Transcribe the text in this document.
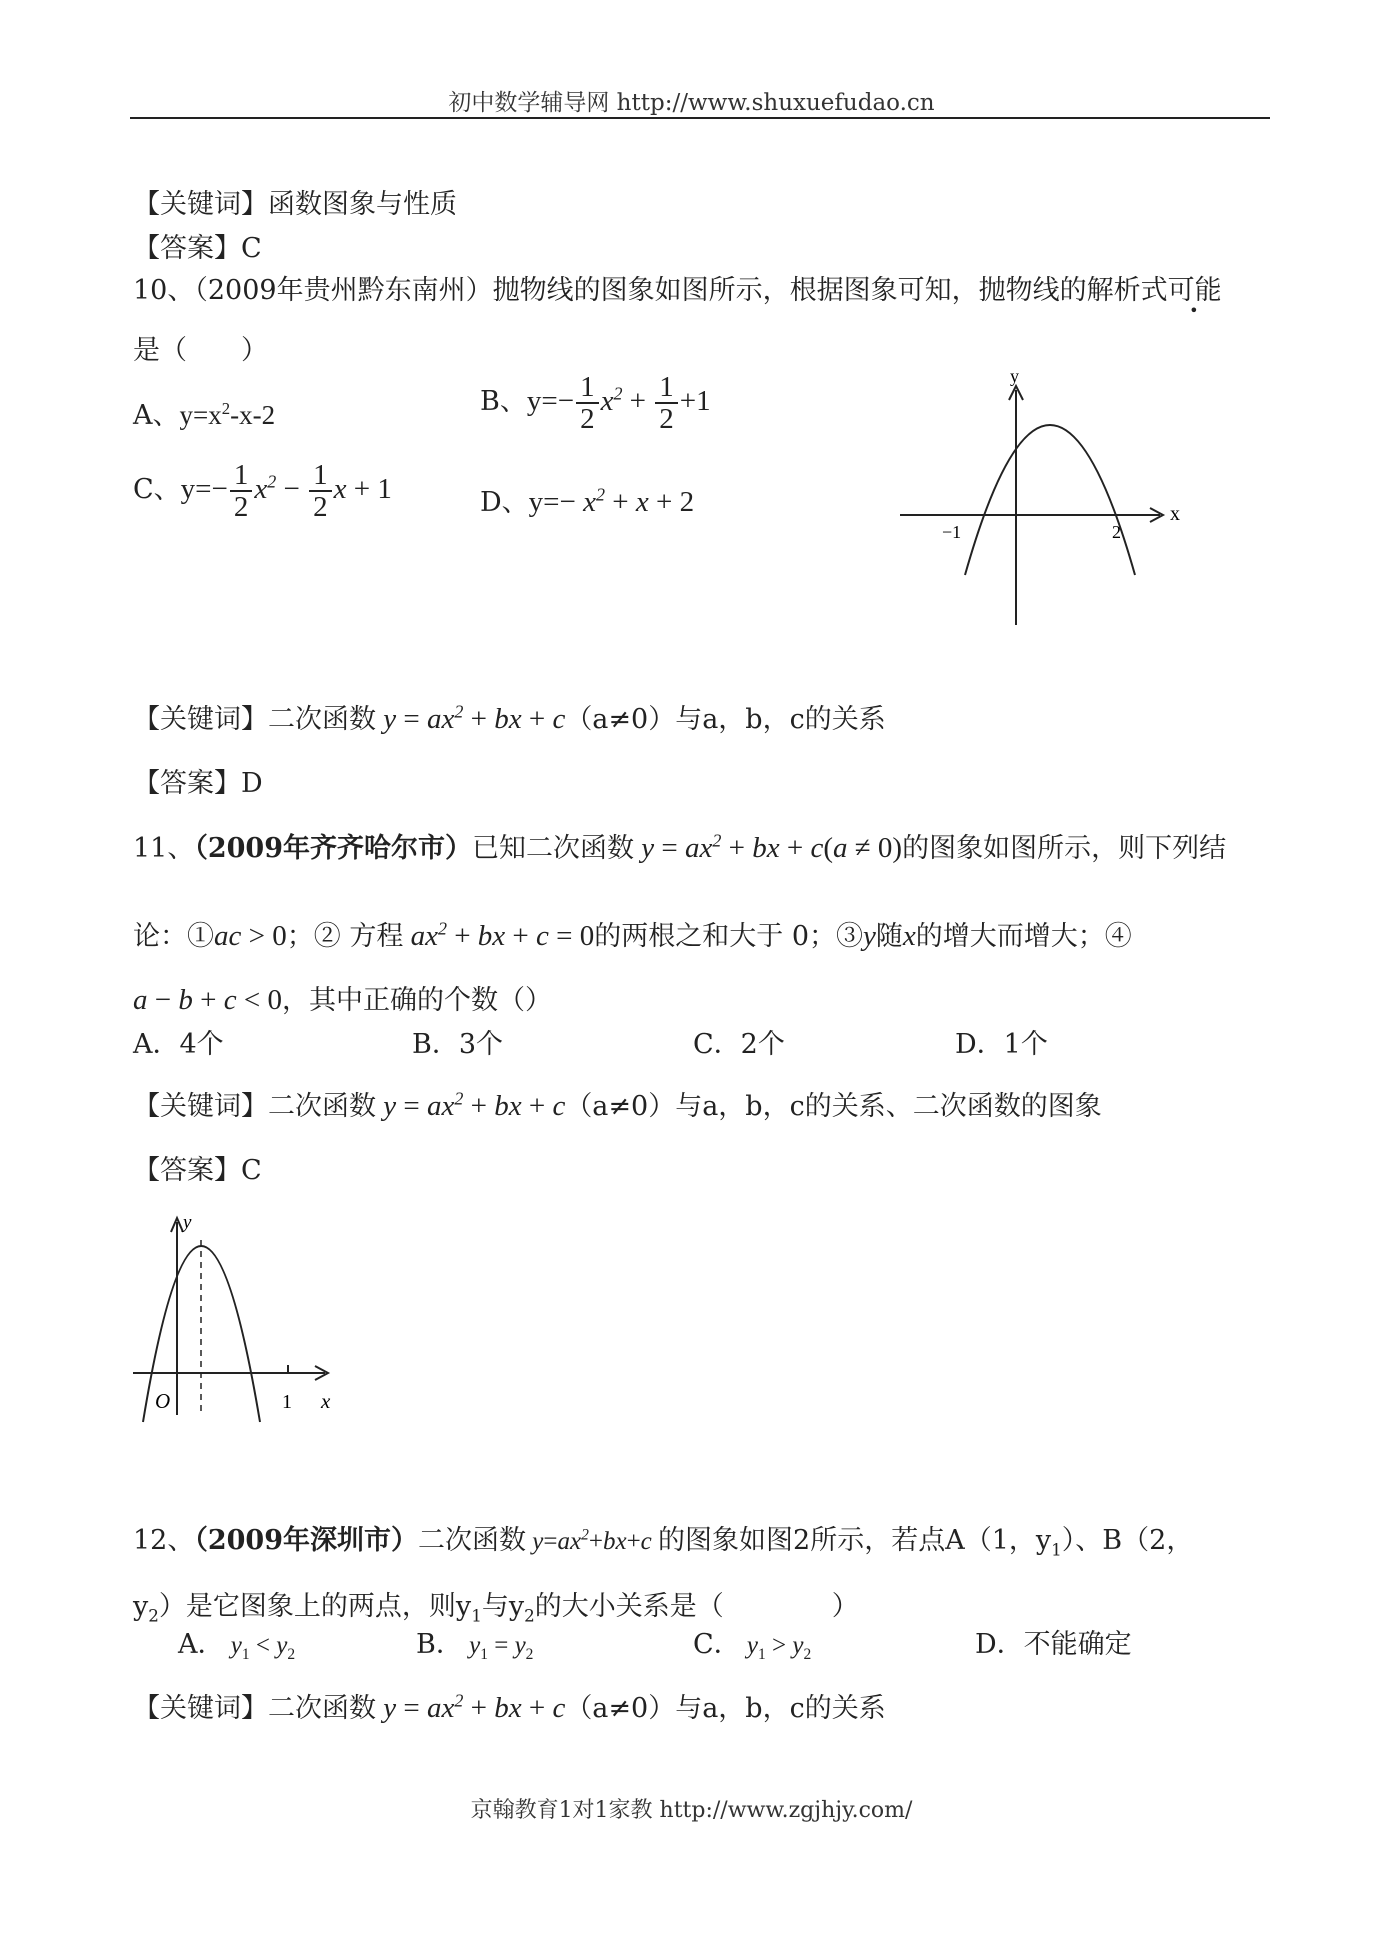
初中数学辅导网 http://www.shuxuefudao.cn
【关键词】函数图象与性质
【答案】C
10、（2009年贵州黔东南州）抛物线的图象如图所示，根据图象可知，抛物线的解析式可能
是（　　）
A、$y=x^2-x-2$	B、$y=- \frac{1}{2} x^2 + \frac{1}{2} +1$
C、$y=- \frac{1}{2} x^2 - \frac{1}{2}$ x + 1	D、$y=- x^2 + x + 2$	x
y
−1	2
【关键词】二次函数 $y = ax^2$ + bx + c（a≠0）与a，b，c的关系
【答案】D
11、（2009年齐齐哈尔市）已知二次函数 $y = ax^2$ + bx + c(a ≠ 0)的图象如图所示，则下列结
论：①ac > 0；② 方程 $ax^2$ + bx + c = 0的两根之和大于 0；③y随x的增大而增大；④
a − b + c < 0，其中正确的个数（）
A．4个	B．3个	C．2个	D．1个
【关键词】二次函数 $y = ax^2$ + bx + c（a≠0）与a，b，c的关系、二次函数的图象
【答案】C
y
O	1 x
12、（2009年深圳市）二次函数 $y=ax^2+bx+c$ 的图象如图2所示，若点A（1，$y_1$）、B（2，
$y_2$）是它图象上的两点，则$y_1$与$y_2$的大小关系是（　　　　）
A． $y_1 < y_2$	B． $y_1 = y_2$	C． $y_1 > y_2$	D．不能确定
【关键词】二次函数 $y = ax^2$ + bx + c（a≠0）与a，b，c的关系
京翰教育1对1家教 http://www.zgjhjy.com/
